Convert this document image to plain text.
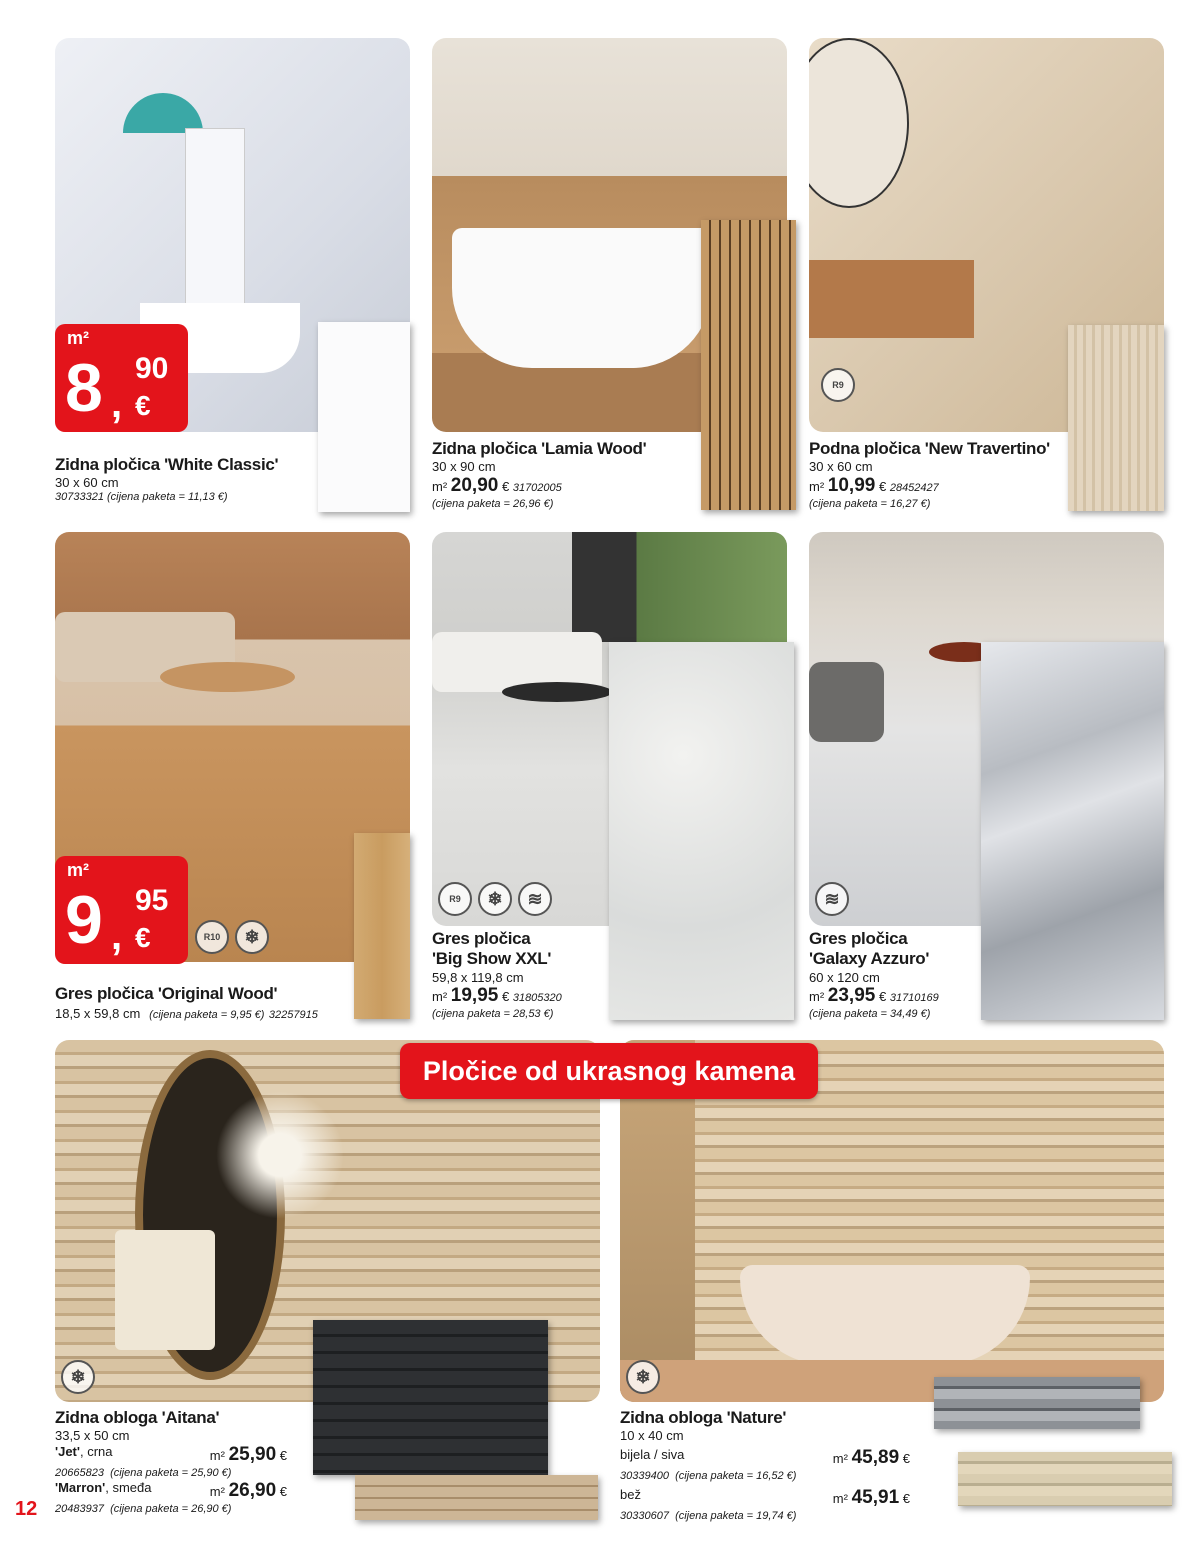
m²
8 ,
90
€
Zidna pločica 'White Classic'
30 x 60 cm
30733321 (cijena paketa = 11,13 €)
Zidna pločica 'Lamia Wood'
30 x 90 cm
m² 20,90 € 31702005
(cijena paketa = 26,96 €)
R9
Podna pločica 'New Travertino'
30 x 60 cm
m² 10,99 € 28452427
(cijena paketa = 16,27 €)
R10	❄
m²
9 ,
95
€
Gres pločica 'Original Wood'
18,5 x 59,8 cm (cijena paketa = 9,95 €) 32257915
R9	❄	≋
Gres pločica
'Big Show XXL'
59,8 x 119,8 cm
m² 19,95 € 31805320
(cijena paketa = 28,53 €)
≋
Gres pločica
'Galaxy Azzuro'
60 x 120 cm
m² 23,95 € 31710169
(cijena paketa = 34,49 €)
❄	❄
Pločice od ukrasnog kamena
Zidna obloga 'Aitana'
33,5 x 50 cm
'Jet', crna	m² 25,90 €
20665823 (cijena paketa = 25,90 €)
'Marron', smeđa	m² 26,90 €
20483937 (cijena paketa = 26,90 €)
Zidna obloga 'Nature'
10 x 40 cm
bijela / siva	m² 45,89 €
30339400 (cijena paketa = 16,52 €)
bež	m² 45,91 €
30330607 (cijena paketa = 19,74 €)
12
